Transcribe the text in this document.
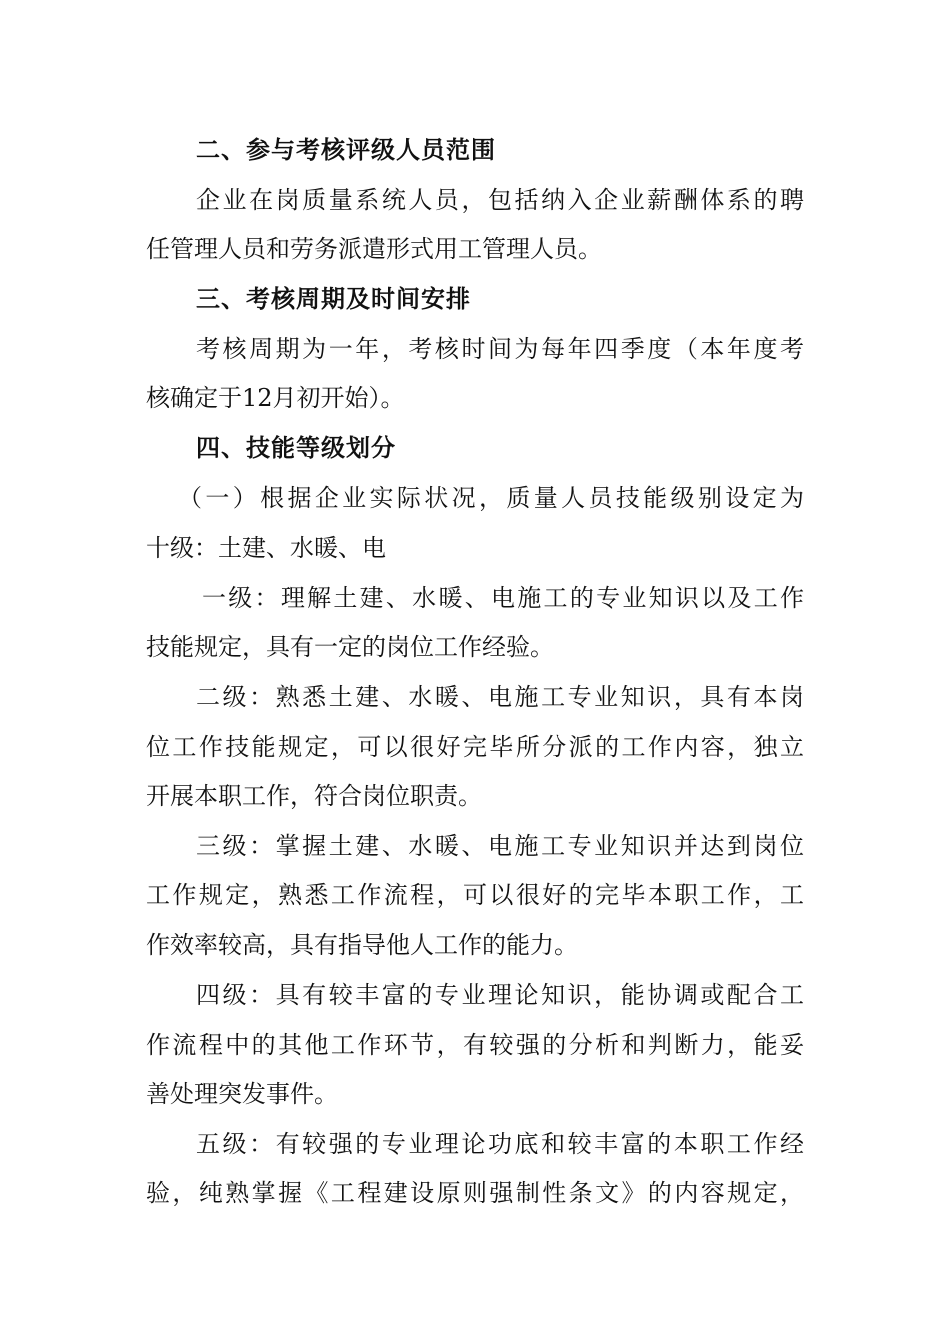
二、参与考核评级人员范围
企业在岗质量系统人员，包括纳入企业薪酬体系的聘
任管理人员和劳务派遣形式用工管理人员。
三、考核周期及时间安排
考核周期为一年，考核时间为每年四季度（本年度考
核确定于12月初开始）。
四、技能等级划分
（一）根据企业实际状况，质量人员技能级别设定为
十级：土建、水暖、电
一级：理解土建、水暖、电施工的专业知识以及工作
技能规定，具有一定的岗位工作经验。
二级：熟悉土建、水暖、电施工专业知识，具有本岗
位工作技能规定，可以很好完毕所分派的工作内容，独立
开展本职工作，符合岗位职责。
三级：掌握土建、水暖、电施工专业知识并达到岗位
工作规定，熟悉工作流程，可以很好的完毕本职工作，工
作效率较高，具有指导他人工作的能力。
四级：具有较丰富的专业理论知识，能协调或配合工
作流程中的其他工作环节，有较强的分析和判断力，能妥
善处理突发事件。
五级：有较强的专业理论功底和较丰富的本职工作经
验，纯熟掌握《工程建设原则强制性条文》的内容规定，
